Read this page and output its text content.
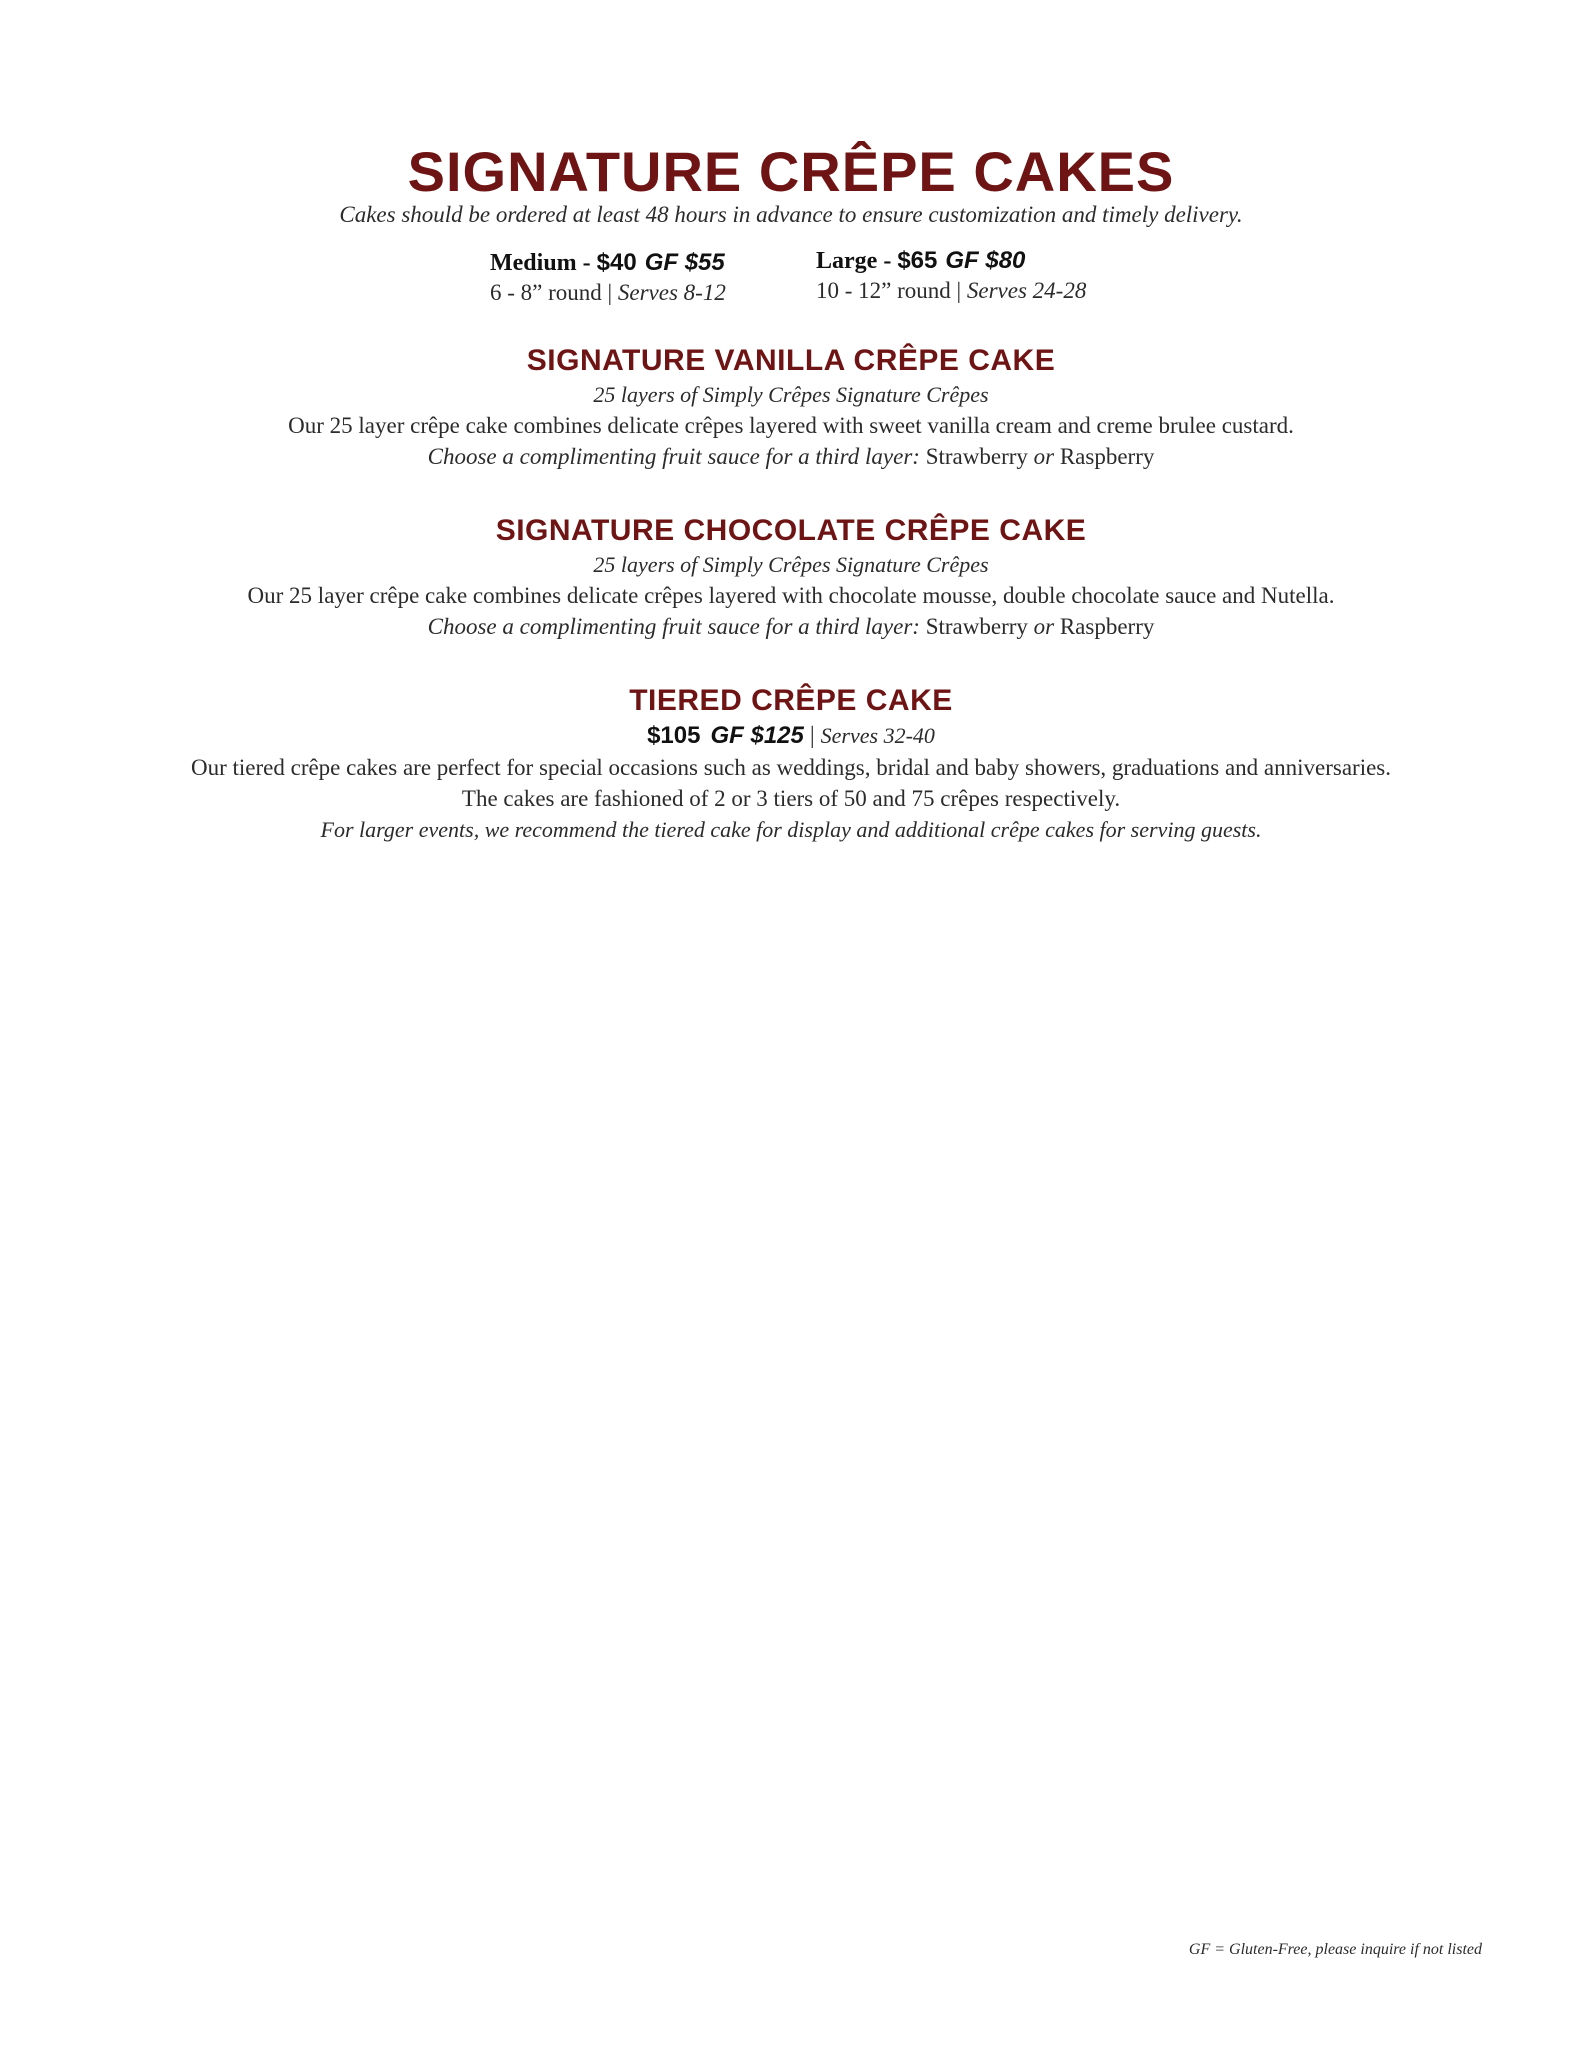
SIGNATURE CRÊPE CAKES
Cakes should be ordered at least 48 hours in advance to ensure customization and timely delivery.
Medium - $40 GF $55
6 - 8” round | Serves 8-12
Large - $65 GF $80
10 - 12” round | Serves 24-28
SIGNATURE VANILLA CRÊPE CAKE
25 layers of Simply Crêpes Signature Crêpes
Our 25 layer crêpe cake combines delicate crêpes layered with sweet vanilla cream and creme brulee custard.
Choose a complimenting fruit sauce for a third layer: Strawberry or Raspberry
SIGNATURE CHOCOLATE CRÊPE CAKE
25 layers of Simply Crêpes Signature Crêpes
Our 25 layer crêpe cake combines delicate crêpes layered with chocolate mousse, double chocolate sauce and Nutella.
Choose a complimenting fruit sauce for a third layer: Strawberry or Raspberry
TIERED CRÊPE CAKE
$105 GF $125 | Serves 32-40
Our tiered crêpe cakes are perfect for special occasions such as weddings, bridal and baby showers, graduations and anniversaries.
The cakes are fashioned of 2 or 3 tiers of 50 and 75 crêpes respectively.
For larger events, we recommend the tiered cake for display and additional crêpe cakes for serving guests.
GF = Gluten-Free, please inquire if not listed
